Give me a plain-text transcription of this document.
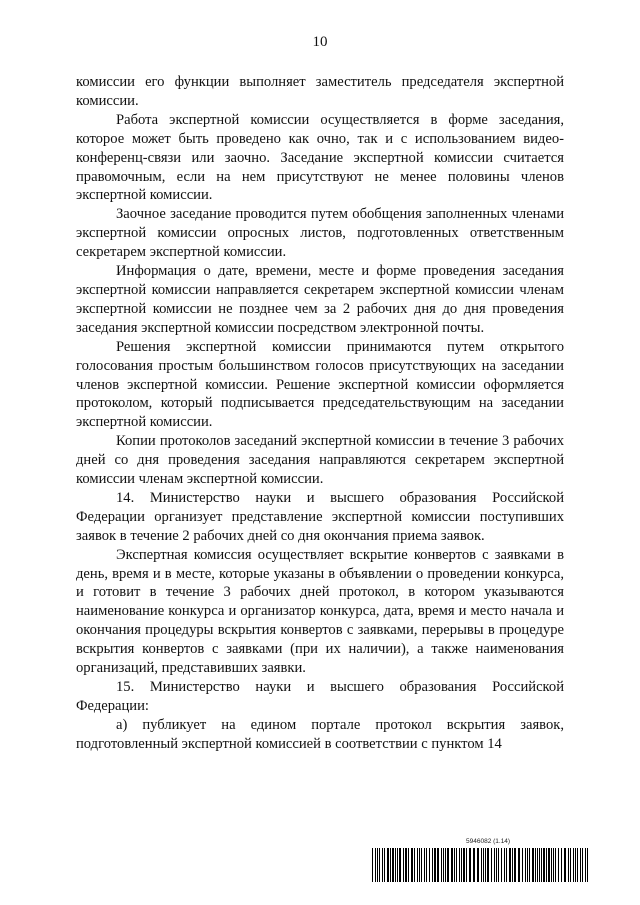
10

комиссии его функции выполняет заместитель председателя экспертной комиссии.

Работа экспертной комиссии осуществляется в форме заседания, которое может быть проведено как очно, так и с использованием видео-конференц-связи или заочно. Заседание экспертной комиссии считается правомочным, если на нем присутствуют не менее половины членов экспертной комиссии.

Заочное заседание проводится путем обобщения заполненных членами экспертной комиссии опросных листов, подготовленных ответственным секретарем экспертной комиссии.

Информация о дате, времени, месте и форме проведения заседания экспертной комиссии направляется секретарем экспертной комиссии членам экспертной комиссии не позднее чем за 2 рабочих дня до дня проведения заседания экспертной комиссии посредством электронной почты.

Решения экспертной комиссии принимаются путем открытого голосования простым большинством голосов присутствующих на заседании членов экспертной комиссии. Решение экспертной комиссии оформляется протоколом, который подписывается председательствующим на заседании экспертной комиссии.

Копии протоколов заседаний экспертной комиссии в течение 3 рабочих дней со дня проведения заседания направляются секретарем экспертной комиссии членам экспертной комиссии.

14. Министерство науки и высшего образования Российской Федерации организует представление экспертной комиссии поступивших заявок в течение 2 рабочих дней со дня окончания приема заявок.

Экспертная комиссия осуществляет вскрытие конвертов с заявками в день, время и в месте, которые указаны в объявлении о проведении конкурса, и готовит в течение 3 рабочих дней протокол, в котором указываются наименование конкурса и организатор конкурса, дата, время и место начала и окончания процедуры вскрытия конвертов с заявками, перерывы в процедуре вскрытия конвертов с заявками (при их наличии), а также наименования организаций, представивших заявки.

15. Министерство науки и высшего образования Российской Федерации:

а) публикует на едином портале протокол вскрытия заявок, подготовленный экспертной комиссией в соответствии с пунктом 14

5946082 (1.14)
